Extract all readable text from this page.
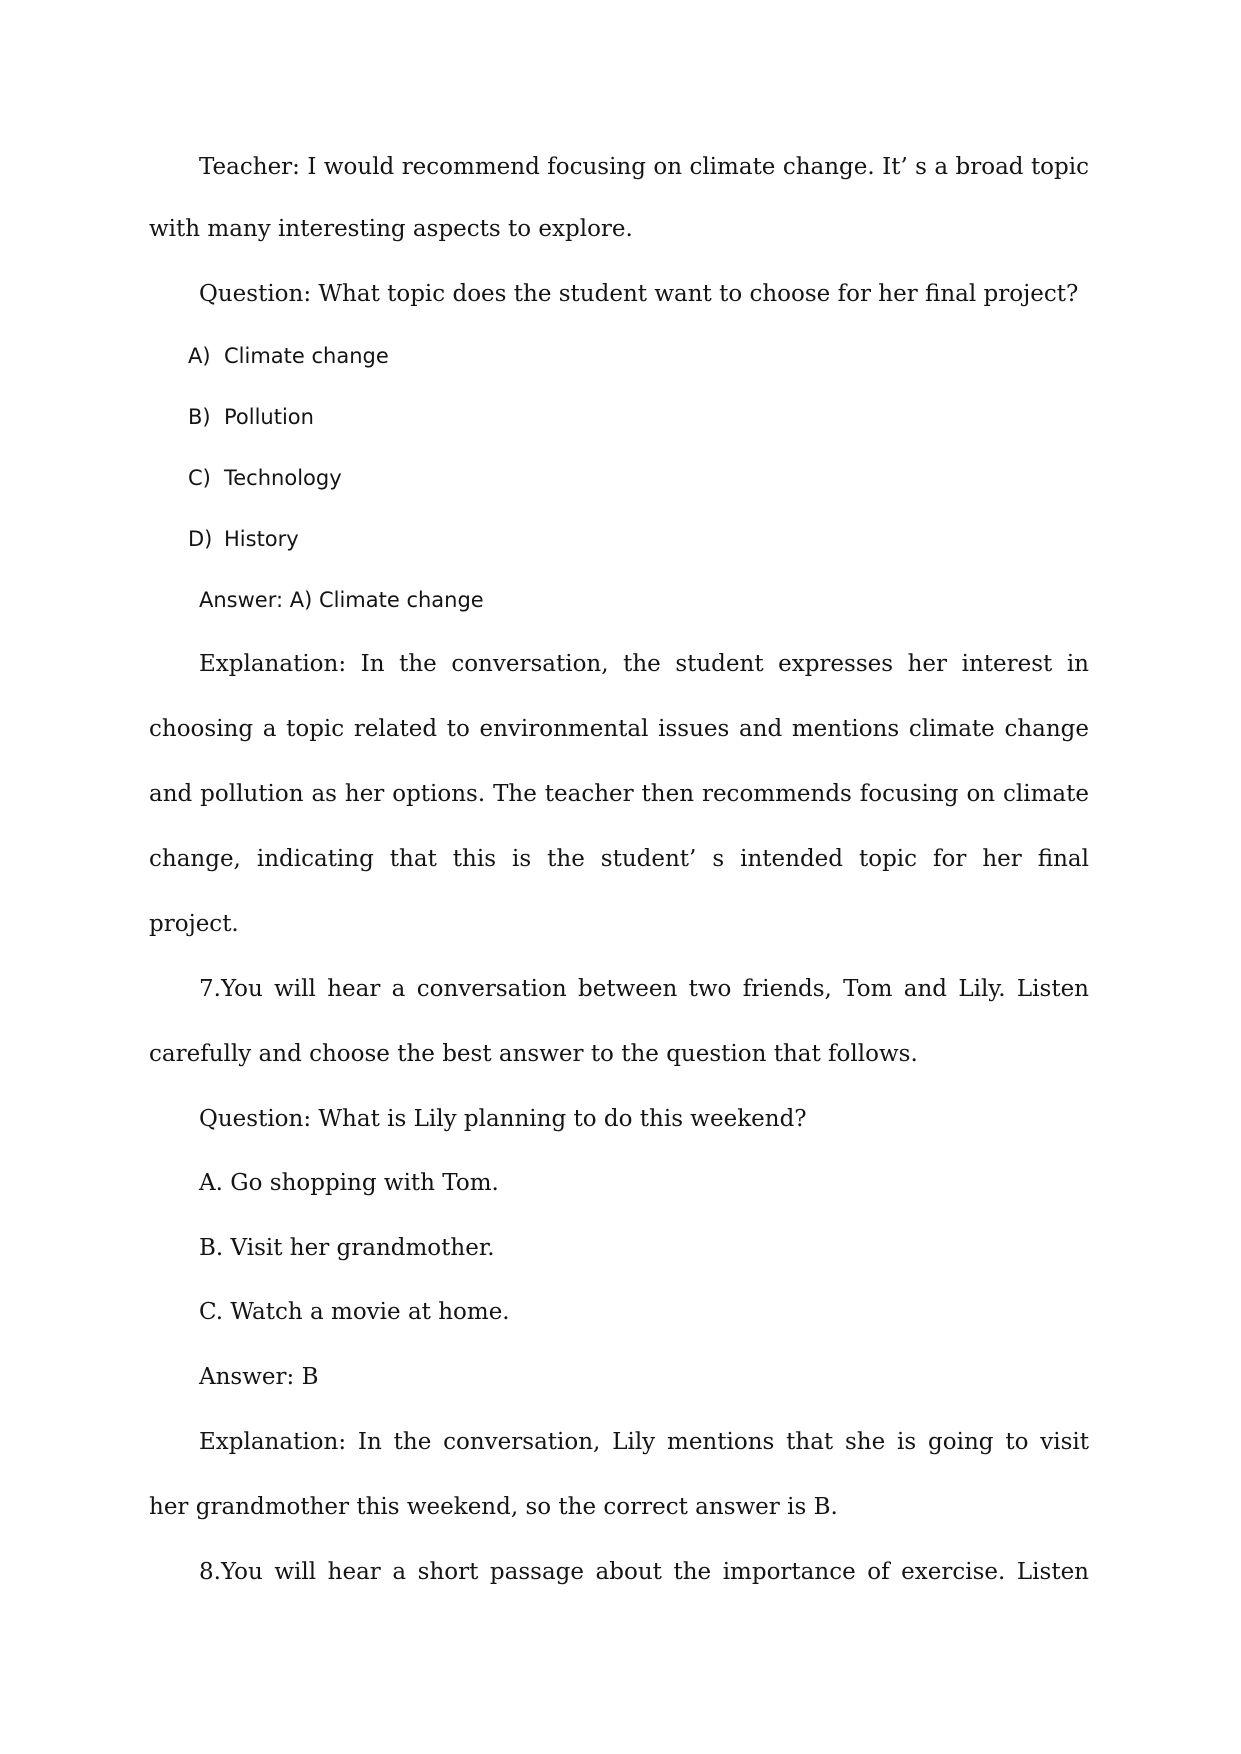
Teacher: I would recommend focusing on climate change. It’ s a broad topic
with many interesting aspects to explore.
Question: What topic does the student want to choose for her final project?
A) Climate change
B) Pollution
C) Technology
D) History
Answer: A) Climate change
Explanation: In the conversation, the student expresses her interest in
choosing a topic related to environmental issues and mentions climate change
and pollution as her options. The teacher then recommends focusing on climate
change, indicating that this is the student’ s intended topic for her final
project.
7.You will hear a conversation between two friends, Tom and Lily. Listen
carefully and choose the best answer to the question that follows.
Question: What is Lily planning to do this weekend?
A. Go shopping with Tom.
B. Visit her grandmother.
C. Watch a movie at home.
Answer: B
Explanation: In the conversation, Lily mentions that she is going to visit
her grandmother this weekend, so the correct answer is B.
8.You will hear a short passage about the importance of exercise. Listen
